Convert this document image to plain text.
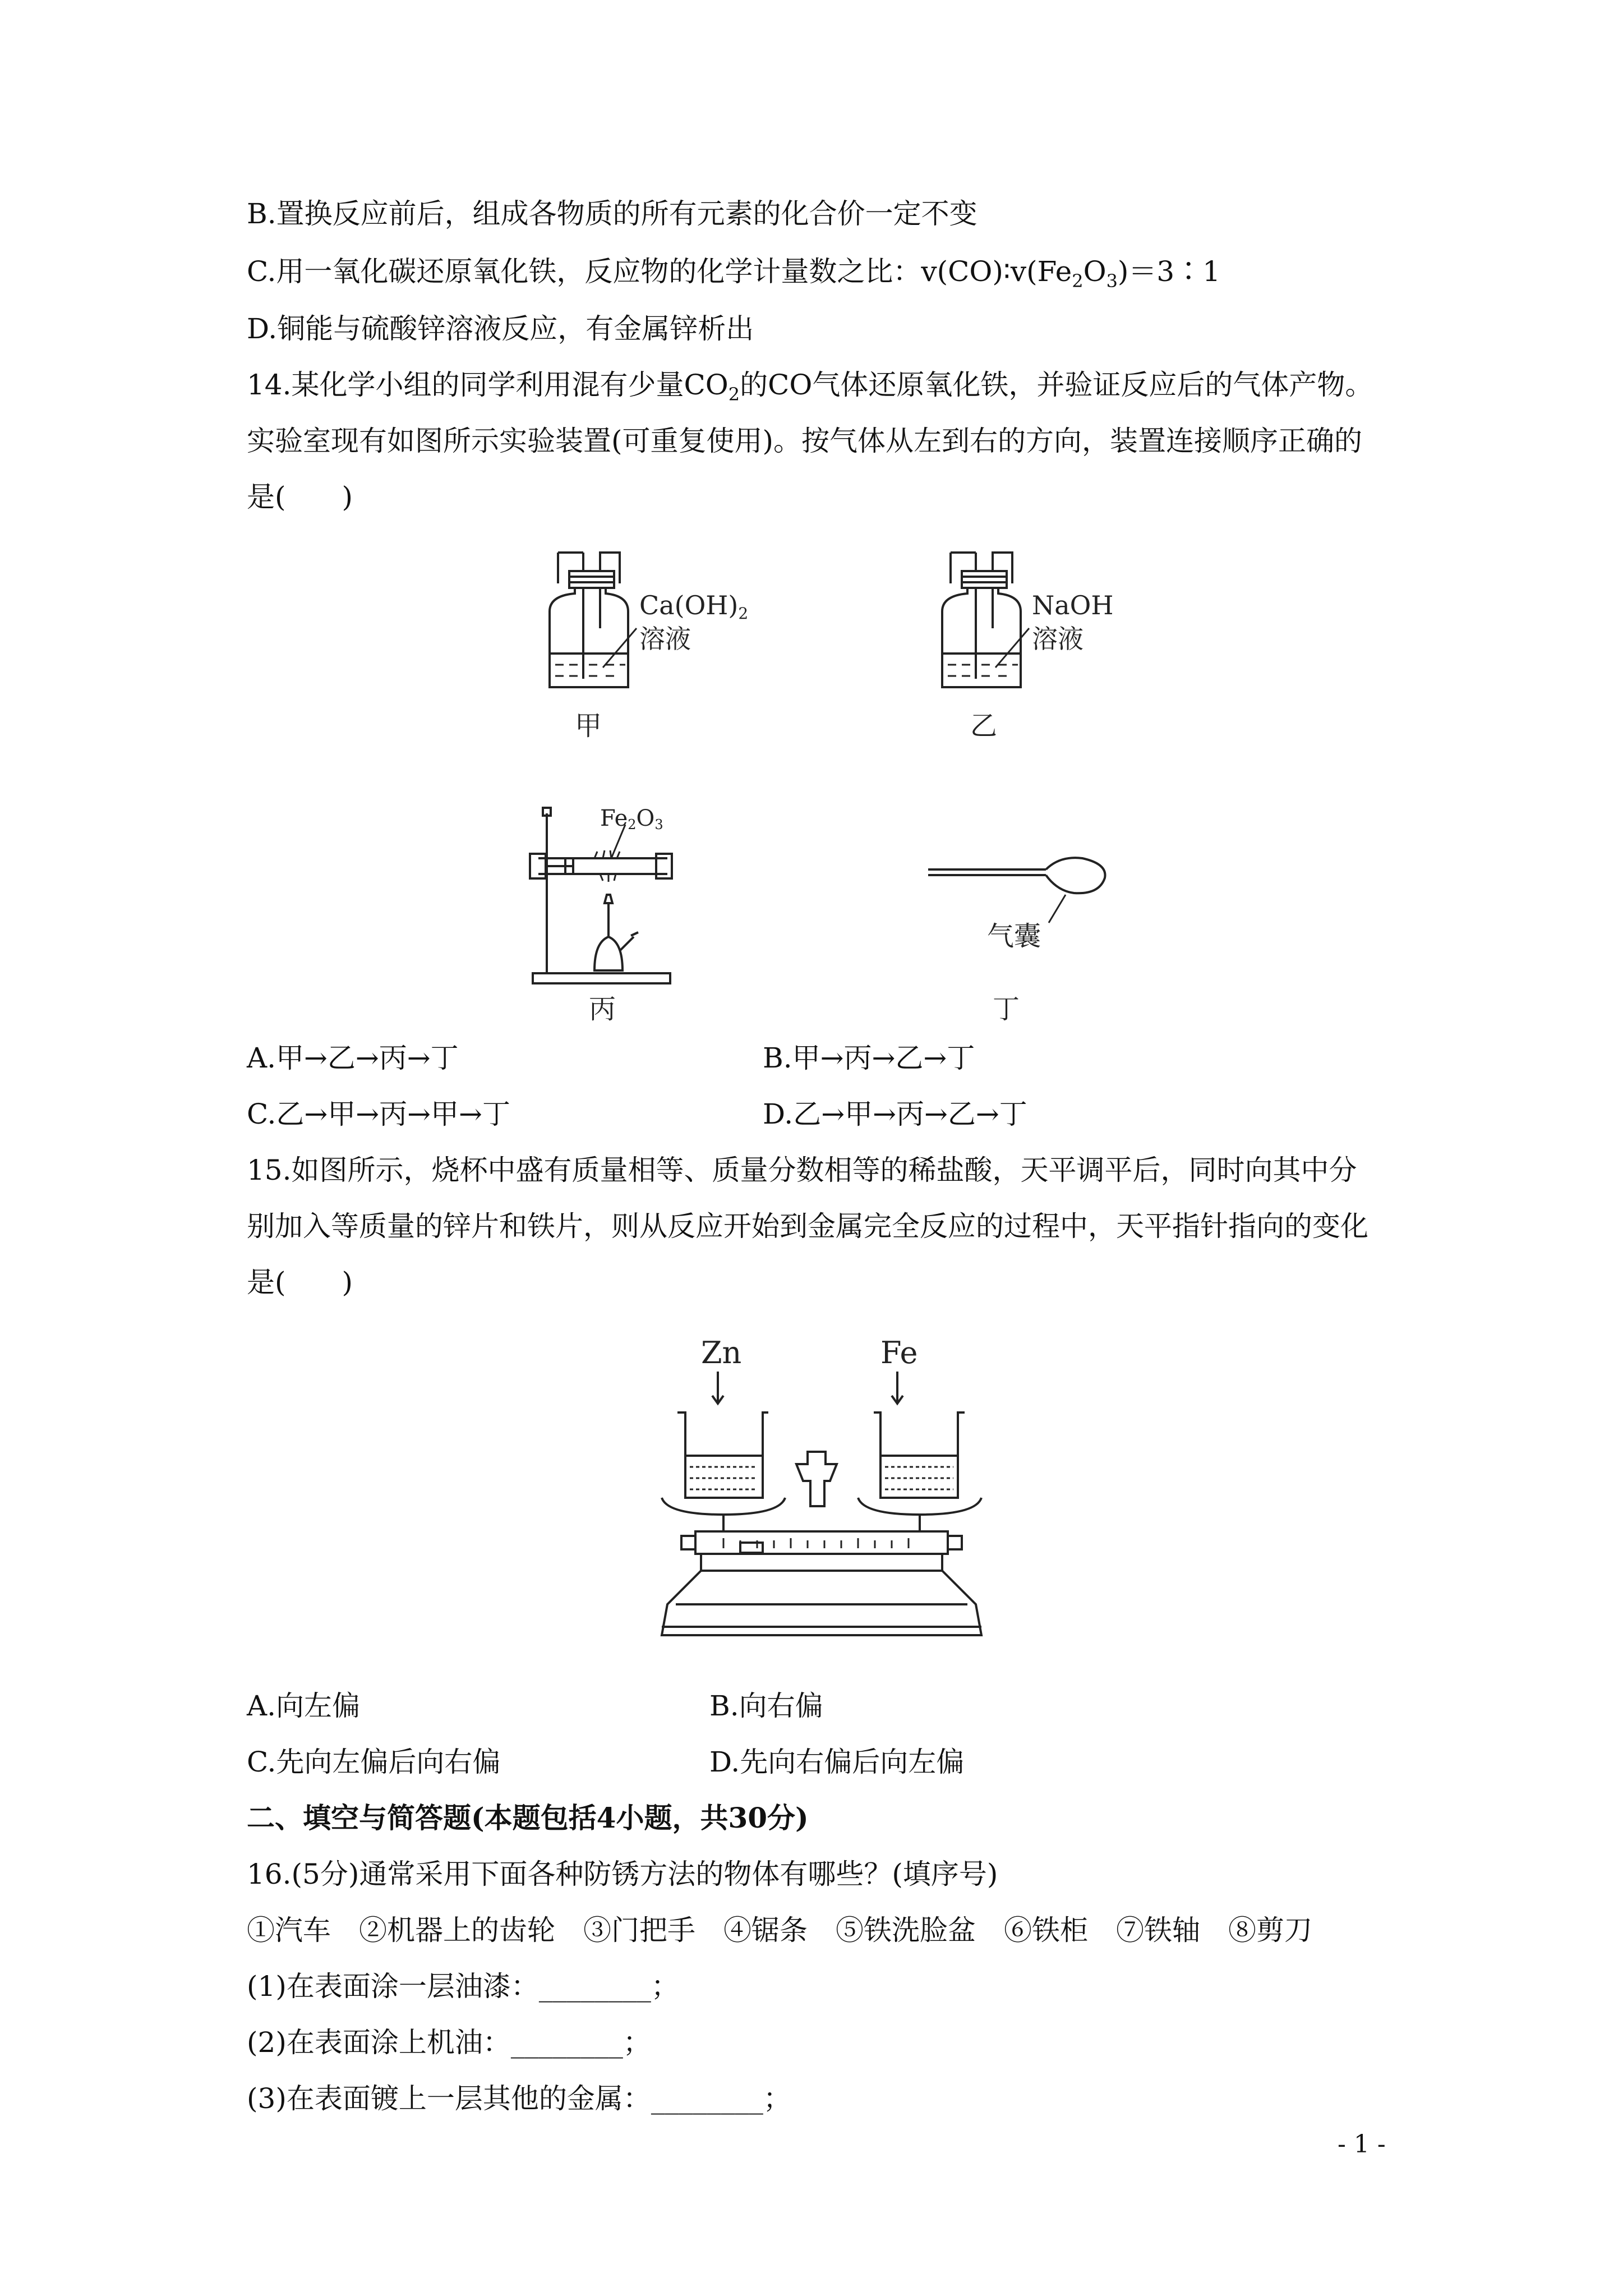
B.置换反应前后，组成各物质的所有元素的化合价一定不变
C.用一氧化碳还原氧化铁，反应物的化学计量数之比：$v(CO)∶v(Fe_2O_3)=3∶1$
D.铜能与硫酸锌溶液反应，有金属锌析出
14.某化学小组的同学利用混有少量$CO_2$的CO气体还原氧化铁，并验证反应后的气体产物。
实验室现有如图所示实验装置(可重复使用)。按气体从左到右的方向，装置连接顺序正确的
是(　　)
Ca(OH)2
溶液
甲
NaOH
溶液
乙
Fe2O3
丙
气囊
丁
A.甲→乙→丙→丁	B.甲→丙→乙→丁
C.乙→甲→丙→甲→丁	D.乙→甲→丙→乙→丁
15.如图所示，烧杯中盛有质量相等、质量分数相等的稀盐酸，天平调平后，同时向其中分
别加入等质量的锌片和铁片，则从反应开始到金属完全反应的过程中，天平指针指向的变化
是(　　)
Zn	Fe
A.向左偏	B.向右偏
C.先向左偏后向右偏	D.先向右偏后向左偏
二、填空与简答题(本题包括4小题，共30分)
16.(5分)通常采用下面各种防锈方法的物体有哪些？(填序号)
①汽车　②机器上的齿轮　③门把手　④锯条　⑤铁洗脸盆　⑥铁柜　⑦铁轴　⑧剪刀
(1)在表面涂一层油漆：________；
(2)在表面涂上机油：________；
(3)在表面镀上一层其他的金属：________；
- 1 -
